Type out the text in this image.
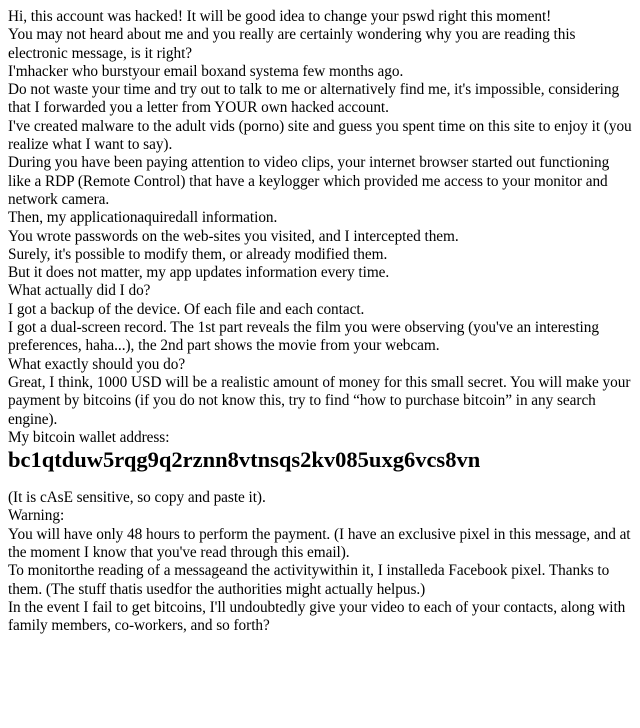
Hi, this account was hacked! It will be good idea to change your pswd right this moment!

You may not heard about me and you really are certainly wondering why you are reading this electronic message, is it right?

I'mhacker who burstyour email boxand systema few months ago.

Do not waste your time and try out to talk to me or alternatively find me, it's impossible, considering that I forwarded you a letter from YOUR own hacked account.

I've created malware to the adult vids (porno) site and guess you spent time on this site to enjoy it (you realize what I want to say).

During you have been paying attention to video clips, your internet browser started out functioning like a RDP (Remote Control) that have a keylogger which provided me access to your monitor and network camera.

Then, my applicationaquiredall information.

You wrote passwords on the web-sites you visited, and I intercepted them.

Surely, it's possible to modify them, or already modified them.

But it does not matter, my app updates information every time.

What actually did I do?

I got a backup of the device. Of each file and each contact.

I got a dual-screen record. The 1st part reveals the film you were observing (you've an interesting preferences, haha...), the 2nd part shows the movie from your webcam.

What exactly should you do?

Great, I think, 1000 USD will be a realistic amount of money for this small secret. You will make your payment by bitcoins (if you do not know this, try to find “how to purchase bitcoin” in any search engine).

My bitcoin wallet address:

bc1qtduw5rqg9q2rznn8vtnsqs2kv085uxg6vcs8vn

(It is cAsE sensitive, so copy and paste it).

Warning:

You will have only 48 hours to perform the payment. (I have an exclusive pixel in this message, and at the moment I know that you've read through this email).

To monitorthe reading of a messageand the activitywithin it, I installeda Facebook pixel. Thanks to them. (The stuff thatis usedfor the authorities might actually helpus.)

In the event I fail to get bitcoins, I'll undoubtedly give your video to each of your contacts, along with family members, co-workers, and so forth?
